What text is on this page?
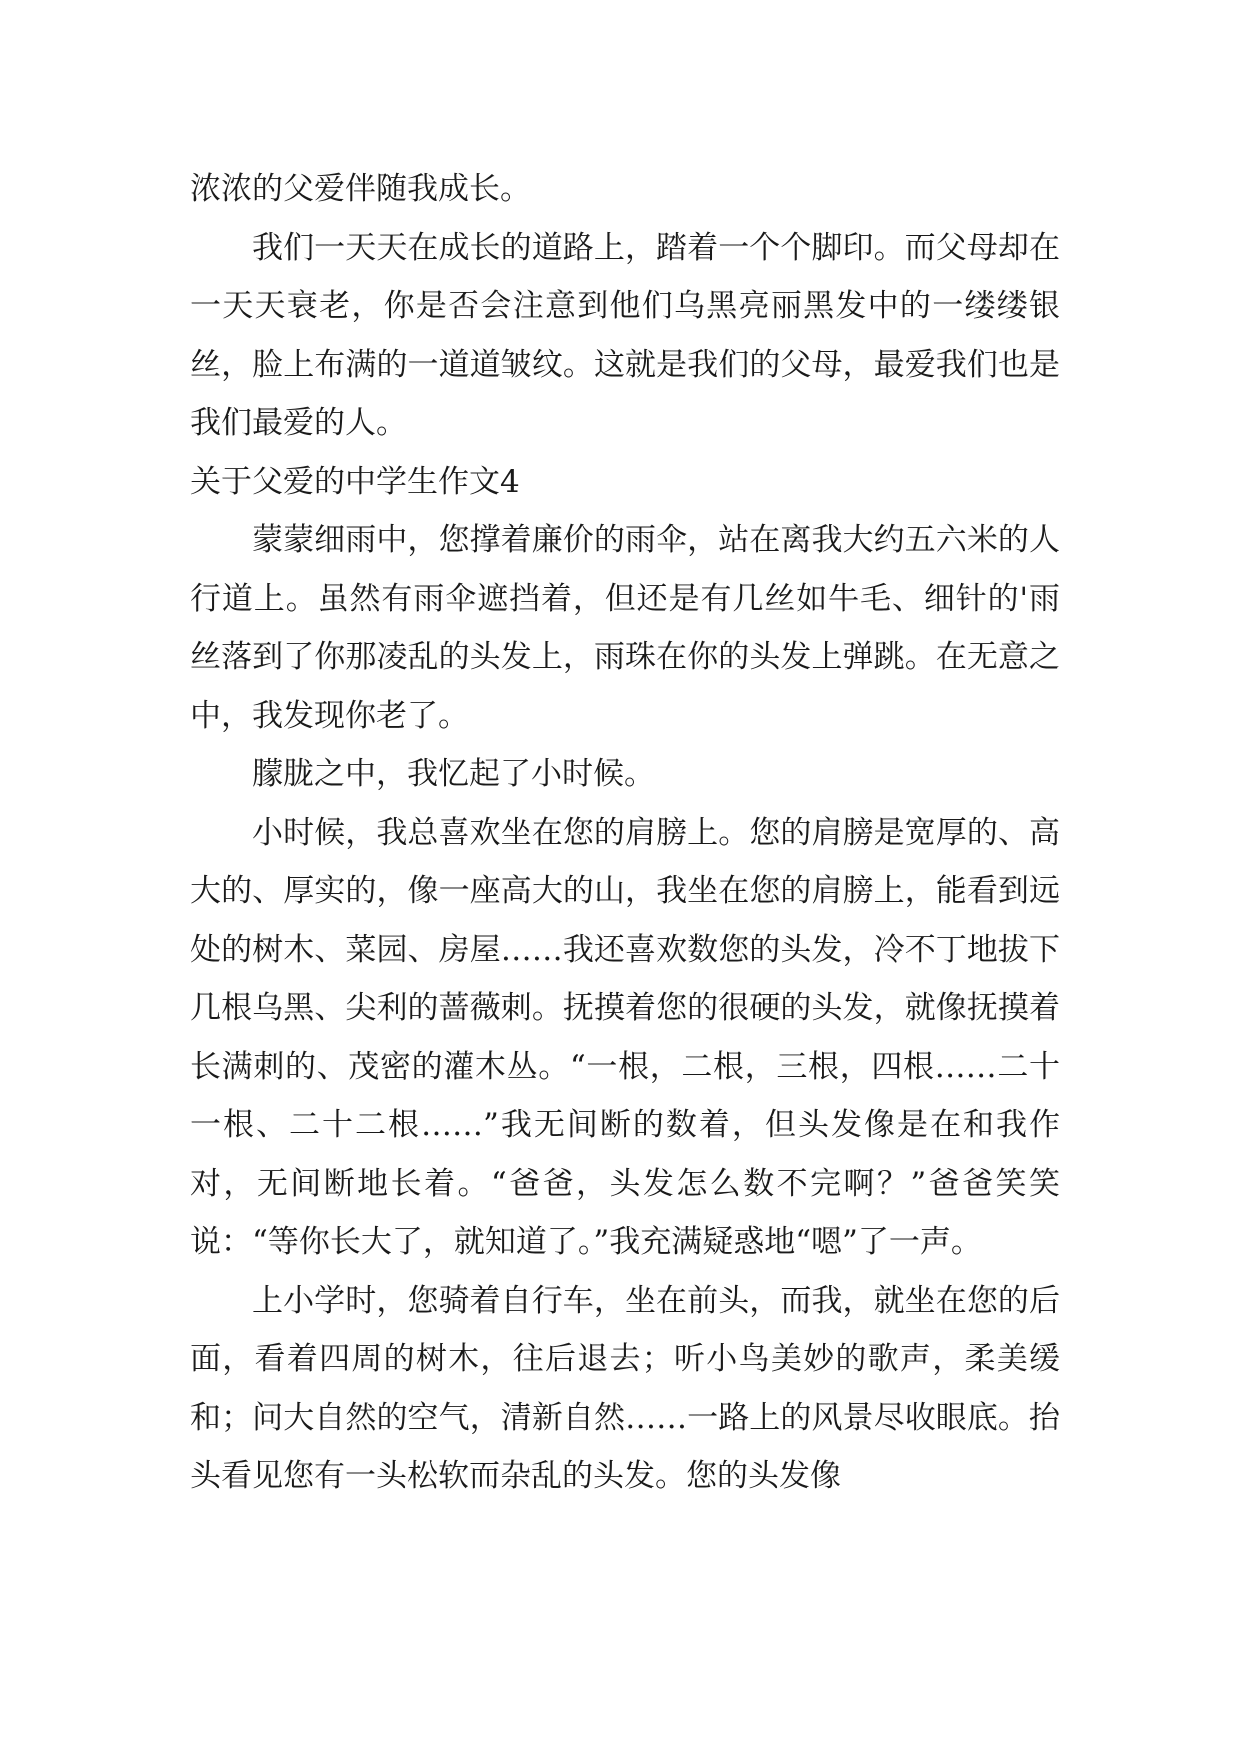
浓浓的父爱伴随我成长。

我们一天天在成长的道路上，踏着一个个脚印。而父母却在一天天衰老，你是否会注意到他们乌黑亮丽黑发中的一缕缕银丝，脸上布满的一道道皱纹。这就是我们的父母，最爱我们也是我们最爱的人。

关于父爱的中学生作文4

蒙蒙细雨中，您撑着廉价的雨伞，站在离我大约五六米的人行道上。虽然有雨伞遮挡着，但还是有几丝如牛毛、细针的'雨丝落到了你那凌乱的头发上，雨珠在你的头发上弹跳。在无意之中，我发现你老了。

朦胧之中，我忆起了小时候。

小时候，我总喜欢坐在您的肩膀上。您的肩膀是宽厚的、高大的、厚实的，像一座高大的山，我坐在您的肩膀上，能看到远处的树木、菜园、房屋……我还喜欢数您的头发，冷不丁地拔下几根乌黑、尖利的蔷薇刺。抚摸着您的很硬的头发，就像抚摸着长满刺的、茂密的灌木丛。“一根，二根，三根，四根……二十一根、二十二根……”我无间断的数着，但头发像是在和我作对，无间断地长着。“爸爸，头发怎么数不完啊？”爸爸笑笑说：“等你长大了，就知道了。”我充满疑惑地“嗯”了一声。

上小学时，您骑着自行车，坐在前头，而我，就坐在您的后面，看着四周的树木，往后退去；听小鸟美妙的歌声，柔美缓和；问大自然的空气，清新自然……一路上的风景尽收眼底。抬头看见您有一头松软而杂乱的头发。您的头发像
